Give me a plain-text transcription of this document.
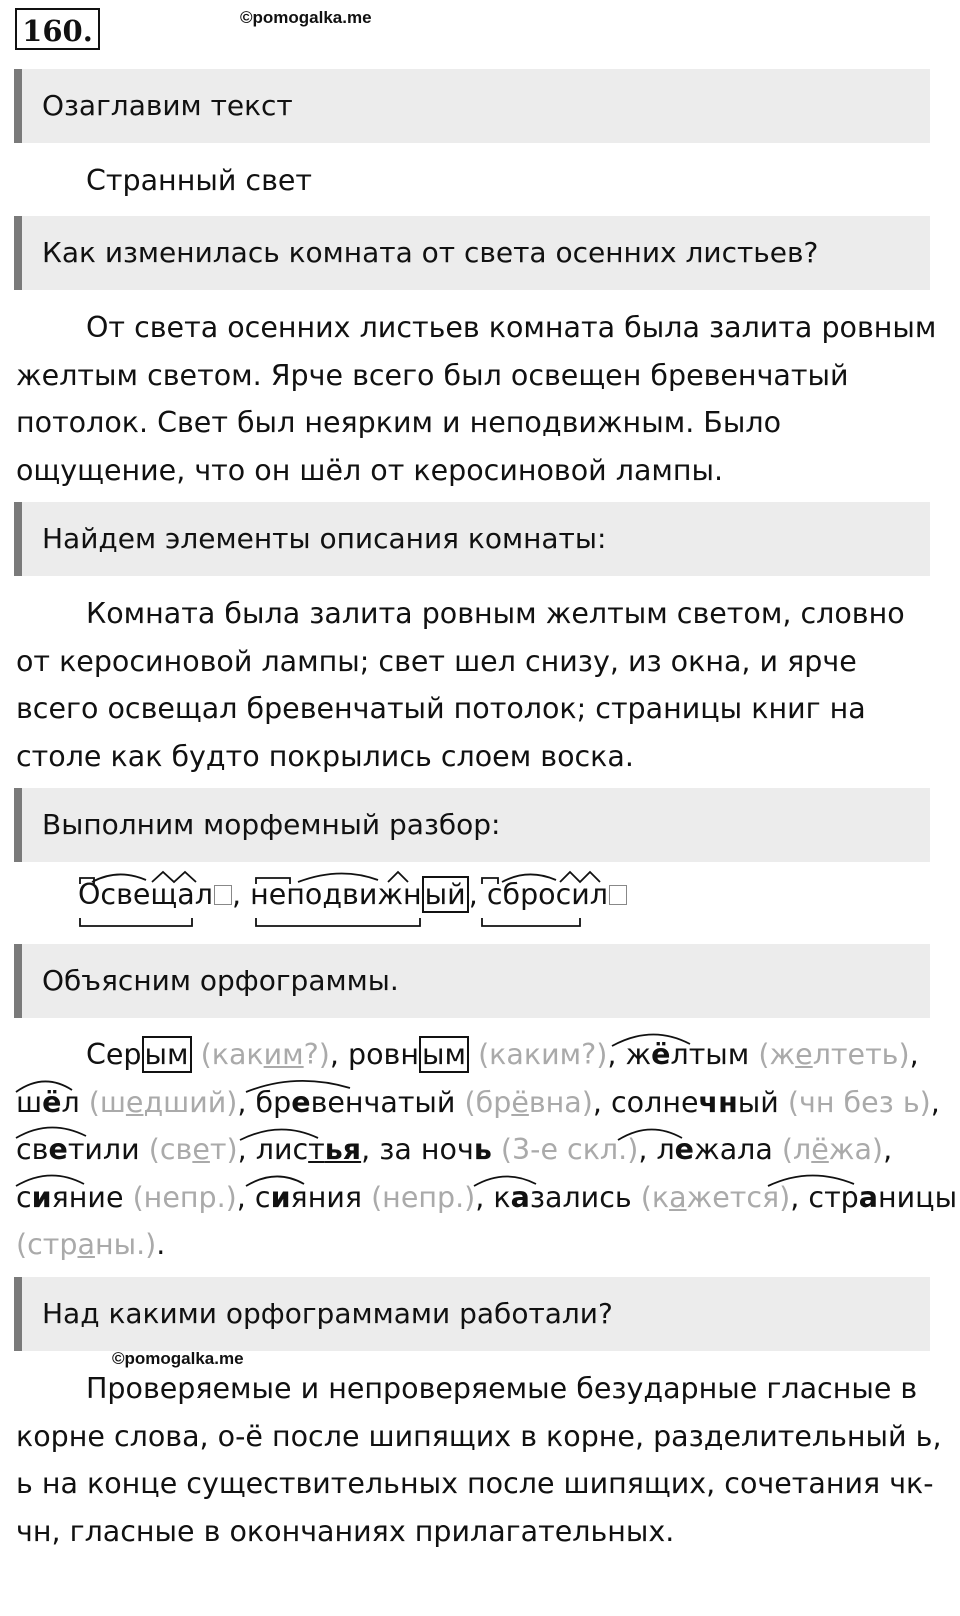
160.	©pomogalka.me
Озаглавим текст

Странный свет

Как изменилась комната от света осенних листьев?
От света осенних листьев комната была залита ровным
желтым светом. Ярче всего был освещен бревенчатый
потолок. Свет был неярким и неподвижным. Было
ощущение, что он шёл от керосиновой лампы.
Найдем элементы описания комнаты:
Комната была залита ровным желтым светом, словно
от керосиновой лампы; свет шел снизу, из окна, и ярче
всего освещал бревенчатый потолок; страницы книг на
столе как будто покрылись слоем воска.
Выполним морфемный разбор:
Освещал , неподвижн ый , сбросил
Объясним орфограммы.
Сер ым (каким?), ровн ым (каким?), жёлтым (желтеть),
шёл (шедший), бревенчатый (брёвна), солнечный (чн без ь),
светили (свет), листья, за ночь (3-е скл.), лежала (лёжа),
сияние (непр.), сияния (непр.), казались (кажется), страницы
(страны.).
Над какими орфограммами работали?
©pomogalka.me
Проверяемые и непроверяемые безударные гласные в
корне слова, о-ё после шипящих в корне, разделительный ь,
ь на конце существительных после шипящих, сочетания чк-
чн, гласные в окончаниях прилагательных.
